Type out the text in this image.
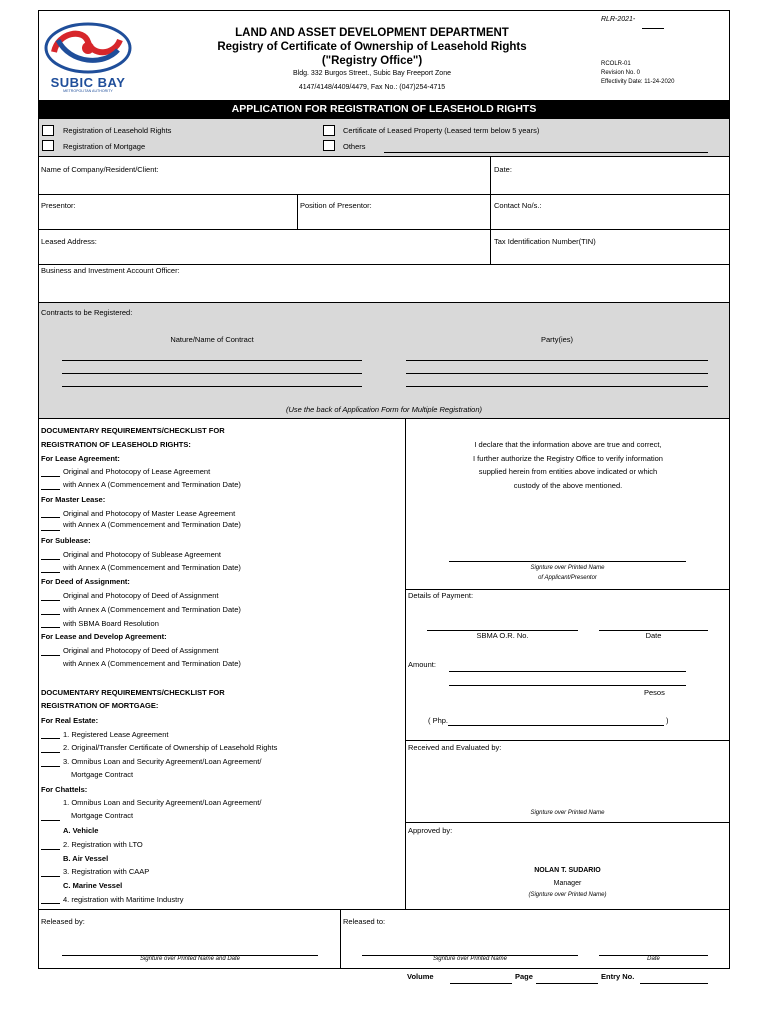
SUBIC BAY
METROPOLITAN AUTHORITY
LAND AND ASSET DEVELOPMENT DEPARTMENT
Registry of Certificate of Ownership of Leasehold Rights
("Registry Office")
Bldg. 332 Burgos Street., Subic Bay Freeport Zone
4147/4148/4409/4479, Fax No.: (047)254-4715
RLR-2021-
RCOLR-01
Revision No. 0
Effectivity Date: 11-24-2020
APPLICATION FOR REGISTRATION OF LEASEHOLD RIGHTS
Registration of Leasehold Rights
Registration of Mortgage
Certificate of Leased Property (Leased term below 5 years)
Others
Name of Company/Resident/Client:	Date:
Presentor:	Position of Presentor:	Contact No/s.:
Leased Address:	Tax Identification Number(TIN)
Business and Investment Account Officer:
Contracts to be Registered:
Nature/Name of Contract	Party(ies)
(Use the back of Application Form for Multiple Registration)
DOCUMENTARY REQUIREMENTS/CHECKLIST FOR
REGISTRATION OF LEASEHOLD RIGHTS:
For Lease Agreement:
Original and Photocopy of Lease Agreement
with Annex A (Commencement and Termination Date)
For Master Lease:
Original and Photocopy of Master Lease Agreement
with Annex A (Commencement and Termination Date)
For Sublease:
Original and Photocopy of Sublease Agreement
with Annex A (Commencement and Termination Date)
For Deed of Assignment:
Original and Photocopy of Deed of Assignment
with Annex A (Commencement and Termination Date)
with SBMA Board Resolution
For Lease and Develop Agreement:
Original and Photocopy of Deed of Assignment
with Annex A (Commencement and Termination Date)
DOCUMENTARY REQUIREMENTS/CHECKLIST FOR
REGISTRATION OF MORTGAGE:
For Real Estate:
1. Registered Lease Agreement
2. Original/Transfer Certificate of Ownership of Leasehold Rights
3. Omnibus Loan and Security Agreement/Loan Agreement/
Mortgage Contract
For Chattels:
1. Omnibus Loan and Security Agreement/Loan Agreement/
Mortgage Contract
A. Vehicle
2. Registration with LTO
B. Air Vessel
3. Registration with CAAP
C. Marine Vessel
4. registration with Maritime Industry
I declare that the information above are true and correct,
I further authorize the Registry Office to verify information
supplied herein from entities above indicated or which
custody of the above mentioned.
Signture over Printed Name
of Applicant/Presentor
Details of Payment:
SBMA O.R. No.	Date
Amount:
Pesos
( Php.	)
Received and Evaluated by:
Signture over Printed Name
Approved by:
NOLAN T. SUDARIO
Manager
(Signture over Printed Name)
Released by:	Released to:
Signture over Printed Name and Date	Signture over Printed Name	Date
Volume	Page	Entry No.
